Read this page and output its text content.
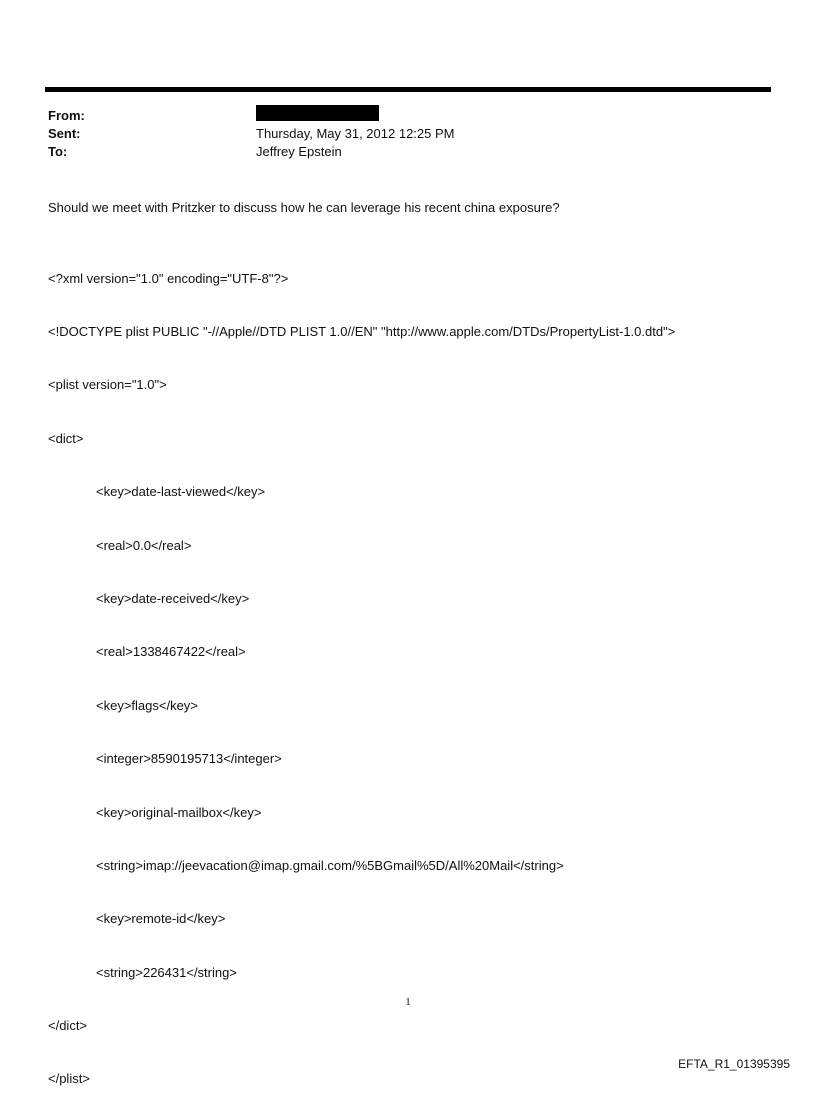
From:
Sent:	Thursday, May 31, 2012 12:25 PM
To:	Jeffrey Epstein
Should we meet with Pritzker to discuss how he can leverage his recent china exposure?

<?xml version="1.0" encoding="UTF-8"?>

<!DOCTYPE plist PUBLIC "-//Apple//DTD PLIST 1.0//EN" "http://www.apple.com/DTDs/PropertyList-1.0.dtd">

<plist version="1.0">

<dict>

<key>date-last-viewed</key>

<real>0.0</real>

<key>date-received</key>

<real>1338467422</real>

<key>flags</key>

<integer>8590195713</integer>

<key>original-mailbox</key>

<string>imap://jeevacation@imap.gmail.com/%5BGmail%5D/All%20Mail</string>

<key>remote-id</key>

<string>226431</string>

</dict>

</plist>

1
EFTA_R1_01395395
